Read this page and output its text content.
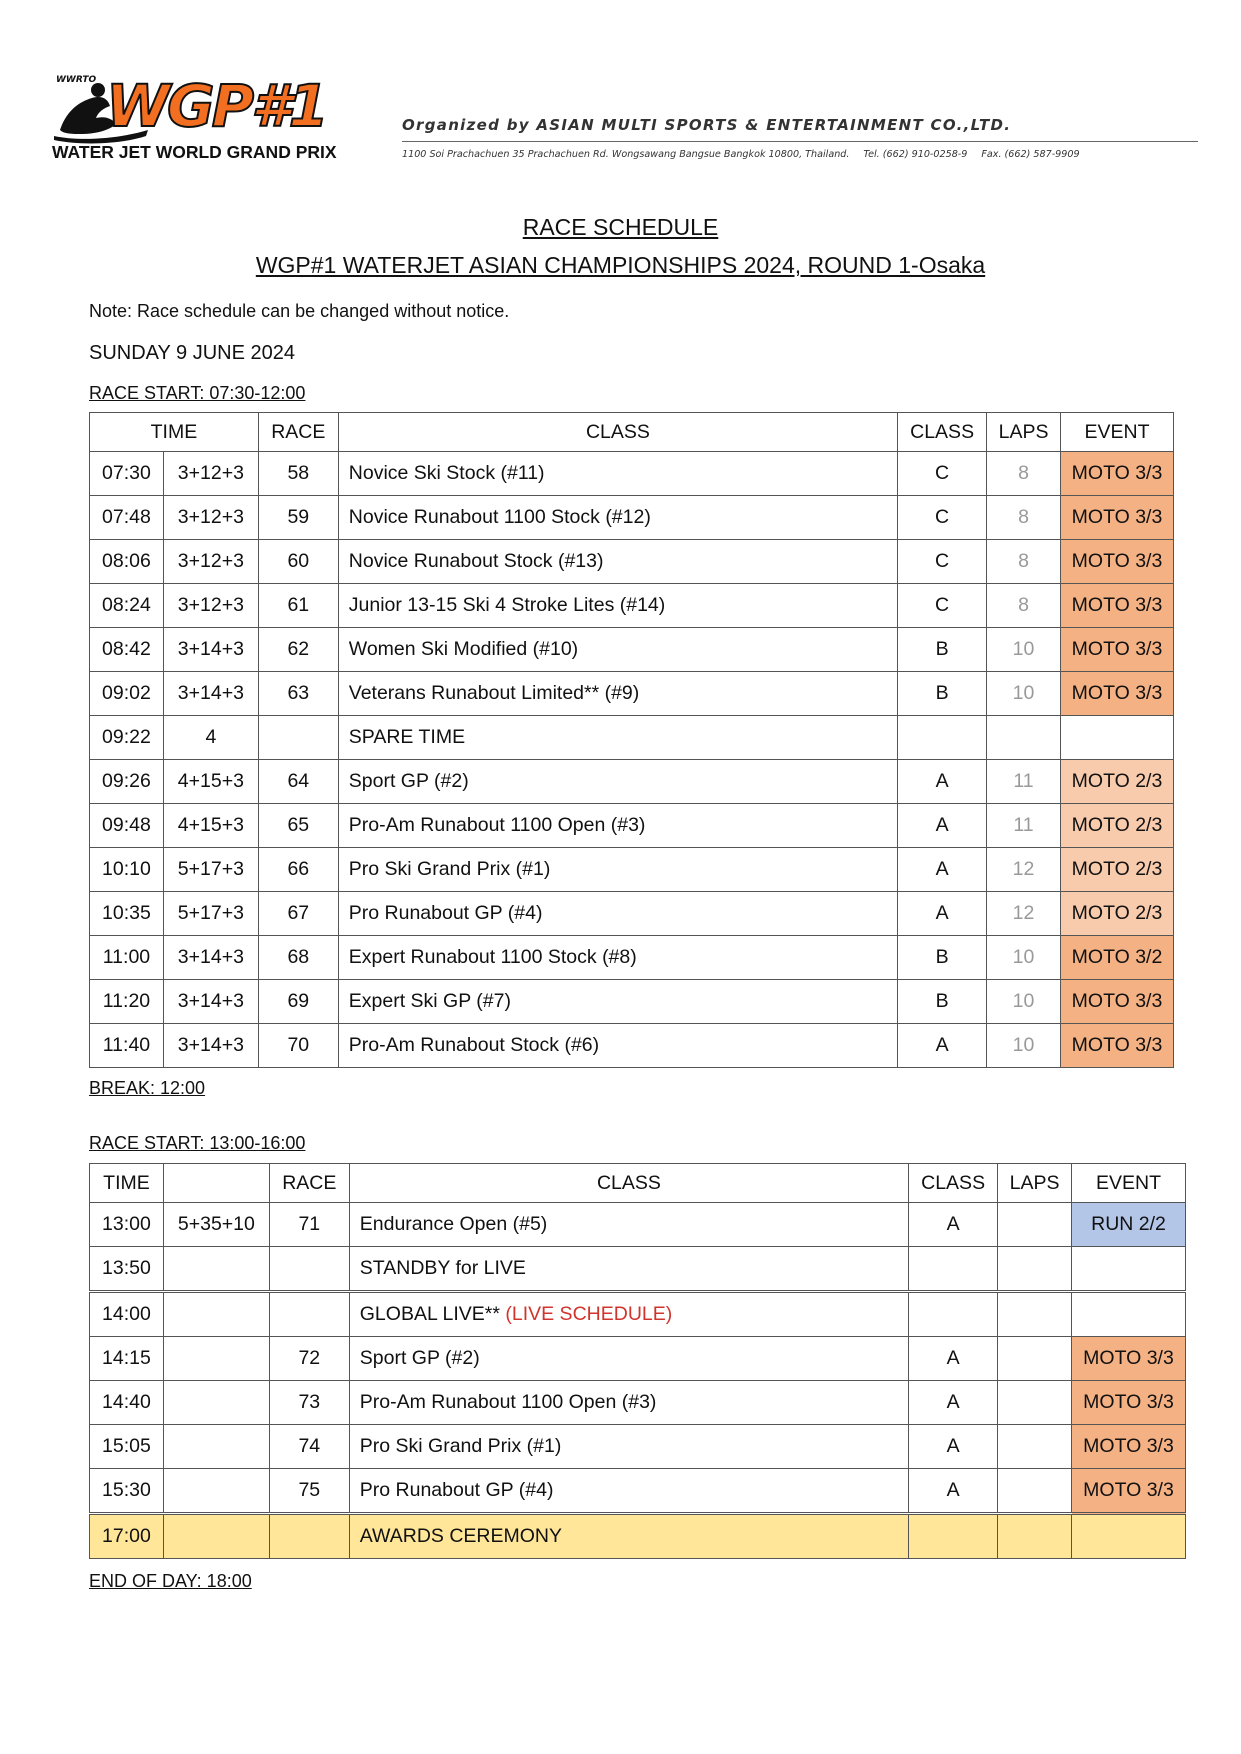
WWRTO WGP#1
WATER JET WORLD GRAND PRIX
Organized by ASIAN MULTI SPORTS & ENTERTAINMENT CO.,LTD.
1100 Soi Prachachuen 35 Prachachuen Rd. Wongsawang Bangsue Bangkok 10800, Thailand. Tel. (662) 910-0258-9 Fax. (662) 587-9909
RACE SCHEDULE
WGP#1 WATERJET ASIAN CHAMPIONSHIPS 2024, ROUND 1-Osaka
Note: Race schedule can be changed without notice.
SUNDAY 9 JUNE 2024
RACE START: 07:30-12:00
TIME		RACE	CLASS	CLASS	LAPS	EVENT
07:30	3+12+3	58	Novice Ski Stock (#11)	C	8	MOTO 3/3
07:48	3+12+3	59	Novice Runabout 1100 Stock (#12)	C	8	MOTO 3/3
08:06	3+12+3	60	Novice Runabout Stock (#13)	C	8	MOTO 3/3
08:24	3+12+3	61	Junior 13-15 Ski 4 Stroke Lites (#14)	C	8	MOTO 3/3
08:42	3+14+3	62	Women Ski Modified (#10)	B	10	MOTO 3/3
09:02	3+14+3	63	Veterans Runabout Limited** (#9)	B	10	MOTO 3/3
09:22	4		SPARE TIME			
09:26	4+15+3	64	Sport GP (#2)	A	11	MOTO 2/3
09:48	4+15+3	65	Pro-Am Runabout 1100 Open (#3)	A	11	MOTO 2/3
10:10	5+17+3	66	Pro Ski Grand Prix (#1)	A	12	MOTO 2/3
10:35	5+17+3	67	Pro Runabout GP (#4)	A	12	MOTO 2/3
11:00	3+14+3	68	Expert Runabout 1100 Stock (#8)	B	10	MOTO 3/2
11:20	3+14+3	69	Expert Ski GP (#7)	B	10	MOTO 3/3
11:40	3+14+3	70	Pro-Am Runabout Stock (#6)	A	10	MOTO 3/3
BREAK: 12:00
RACE START: 13:00-16:00
TIME		RACE	CLASS	CLASS	LAPS	EVENT
13:00	5+35+10	71	Endurance Open (#5)	A		RUN 2/2
13:50			STANDBY for LIVE			
14:00			GLOBAL LIVE** (LIVE SCHEDULE)			
14:15		72	Sport GP (#2)	A		MOTO 3/3
14:40		73	Pro-Am Runabout 1100 Open (#3)	A		MOTO 3/3
15:05		74	Pro Ski Grand Prix (#1)	A		MOTO 3/3
15:30		75	Pro Runabout GP (#4)	A		MOTO 3/3
17:00			AWARDS CEREMONY			
END OF DAY: 18:00
